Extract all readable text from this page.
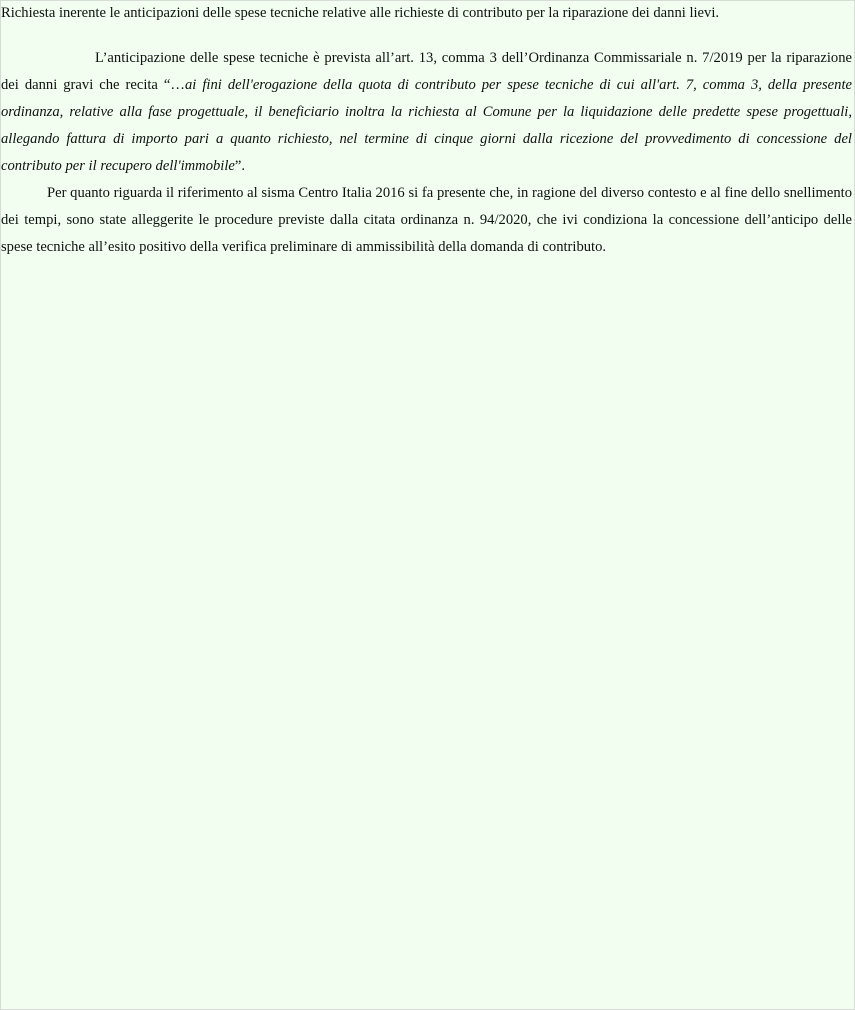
Richiesta inerente le anticipazioni delle spese tecniche relative alle richieste di contributo per la riparazione dei danni lievi.

L’anticipazione delle spese tecniche è prevista all’art. 13, comma 3 dell’Ordinanza Commissariale n. 7/2019 per la riparazione dei danni gravi che recita “…ai fini dell'erogazione della quota di contributo per spese tecniche di cui all'art. 7, comma 3, della presente ordinanza, relative alla fase progettuale, il beneficiario inoltra la richiesta al Comune per la liquidazione delle predette spese progettuali, allegando fattura di importo pari a quanto richiesto, nel termine di cinque giorni dalla ricezione del provvedimento di concessione del contributo per il recupero dell'immobile”.

Per quanto riguarda il riferimento al sisma Centro Italia 2016 si fa presente che, in ragione del diverso contesto e al fine dello snellimento dei tempi, sono state alleggerite le procedure previste dalla citata ordinanza n. 94/2020, che ivi condiziona la concessione dell’anticipo delle spese tecniche all’esito positivo della verifica preliminare di ammissibilità della domanda di contributo.
